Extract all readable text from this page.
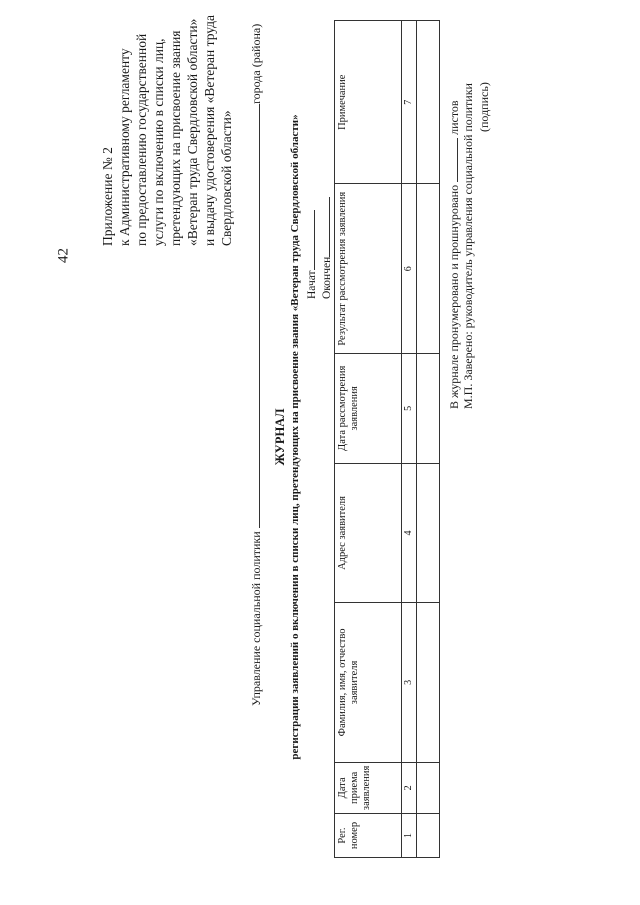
42
Приложение № 2 к Административному регламенту по предоставлению государственной услуги по включению в списки лиц, претендующих на присвоение звания «Ветеран труда Свердловской области» и выдачу удостоверения «Ветеран труда Свердловской области»
Управление социальной политики
города (района)
ЖУРНАЛ регистрации заявлений о включении в списки лиц, претендующих на присвоение звания «Ветеран труда Свердловской области» Начат Окончен
Рег. номер	Дата приема заявления	Фамилия, имя, отчество заявителя	Адрес заявителя	Дата рассмотрения заявления	Результат рассмотрения заявления	Примечание
1	2	3	4	5	6	7

В журнале пронумеровано и прошнуровано  листов М.П. Заверено: руководитель управления социальной политики (подпись)
